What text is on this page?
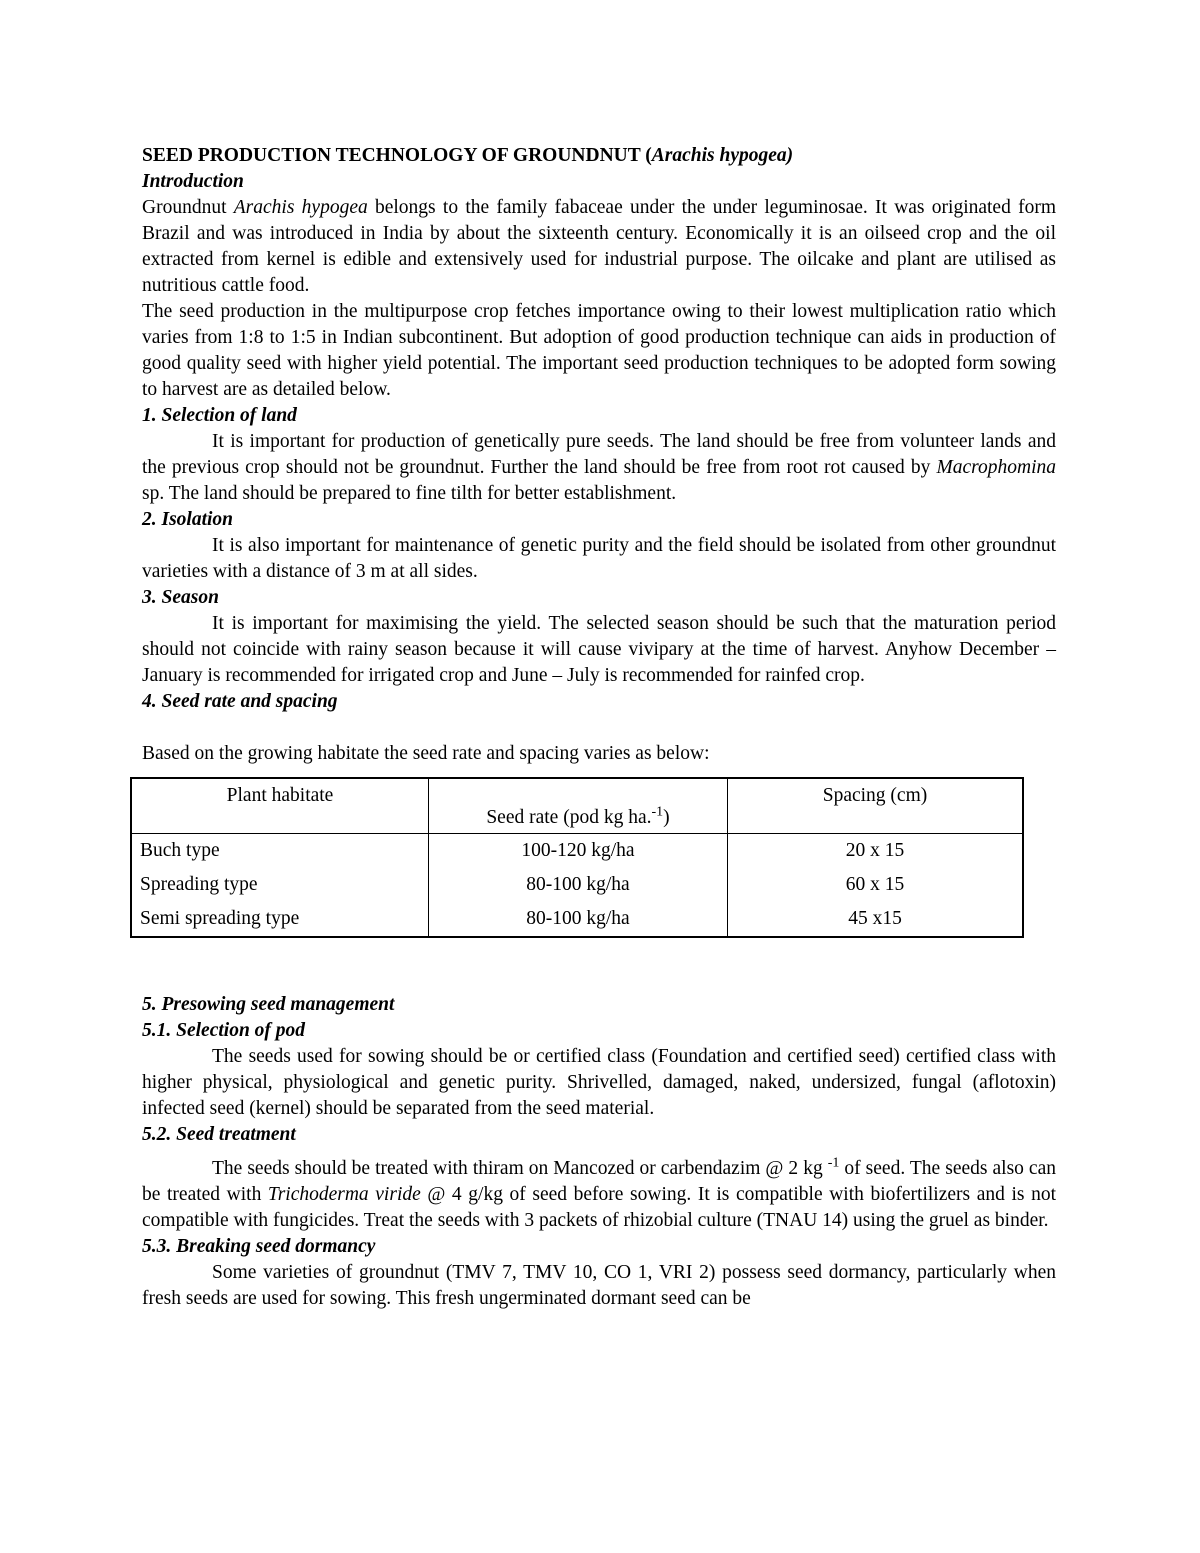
SEED PRODUCTION TECHNOLOGY OF GROUNDNUT (Arachis hypogea)

Introduction

Groundnut Arachis hypogea belongs to the family fabaceae under the under leguminosae. It was originated form Brazil and was introduced in India by about the sixteenth century. Economically it is an oilseed crop and the oil extracted from kernel is edible and extensively used for industrial purpose. The oilcake and plant are utilised as nutritious cattle food.

The seed production in the multipurpose crop fetches importance owing to their lowest multiplication ratio which varies from 1:8 to 1:5 in Indian subcontinent. But adoption of good production technique can aids in production of good quality seed with higher yield potential. The important seed production techniques to be adopted form sowing to harvest are as detailed below.

1. Selection of land

It is important for production of genetically pure seeds. The land should be free from volunteer lands and the previous crop should not be groundnut. Further the land should be free from root rot caused by Macrophomina sp. The land should be prepared to fine tilth for better establishment.

2. Isolation

It is also important for maintenance of genetic purity and the field should be isolated from other groundnut varieties with a distance of 3 m at all sides.

3. Season

It is important for maximising the yield. The selected season should be such that the maturation period should not coincide with rainy season because it will cause vivipary at the time of harvest. Anyhow December – January is recommended for irrigated crop and June – July is recommended for rainfed crop.

4. Seed rate and spacing

Based on the growing habitate the seed rate and spacing varies as below:

Plant habitate	Seed rate (pod kg ha.$^{-1}$)	Spacing (cm)
Buch type	100-120 kg/ha	20 x 15
Spreading type	80-100 kg/ha	60 x 15
Semi spreading type	80-100 kg/ha	45 x15

5. Presowing seed management

5.1. Selection of pod

The seeds used for sowing should be or certified class (Foundation and certified seed) certified class with higher physical, physiological and genetic purity. Shrivelled, damaged, naked, undersized, fungal (aflotoxin) infected seed (kernel) should be separated from the seed material.

5.2. Seed treatment

The seeds should be treated with thiram on Mancozed or carbendazim @ 2 kg $^{-1}$ of seed. The seeds also can be treated with Trichoderma viride @ 4 g/kg of seed before sowing. It is compatible with biofertilizers and is not compatible with fungicides. Treat the seeds with 3 packets of rhizobial culture (TNAU 14) using the gruel as binder.

5.3. Breaking seed dormancy

Some varieties of groundnut (TMV 7, TMV 10, CO 1, VRI 2) possess seed dormancy, particularly when fresh seeds are used for sowing. This fresh ungerminated dormant seed can be
